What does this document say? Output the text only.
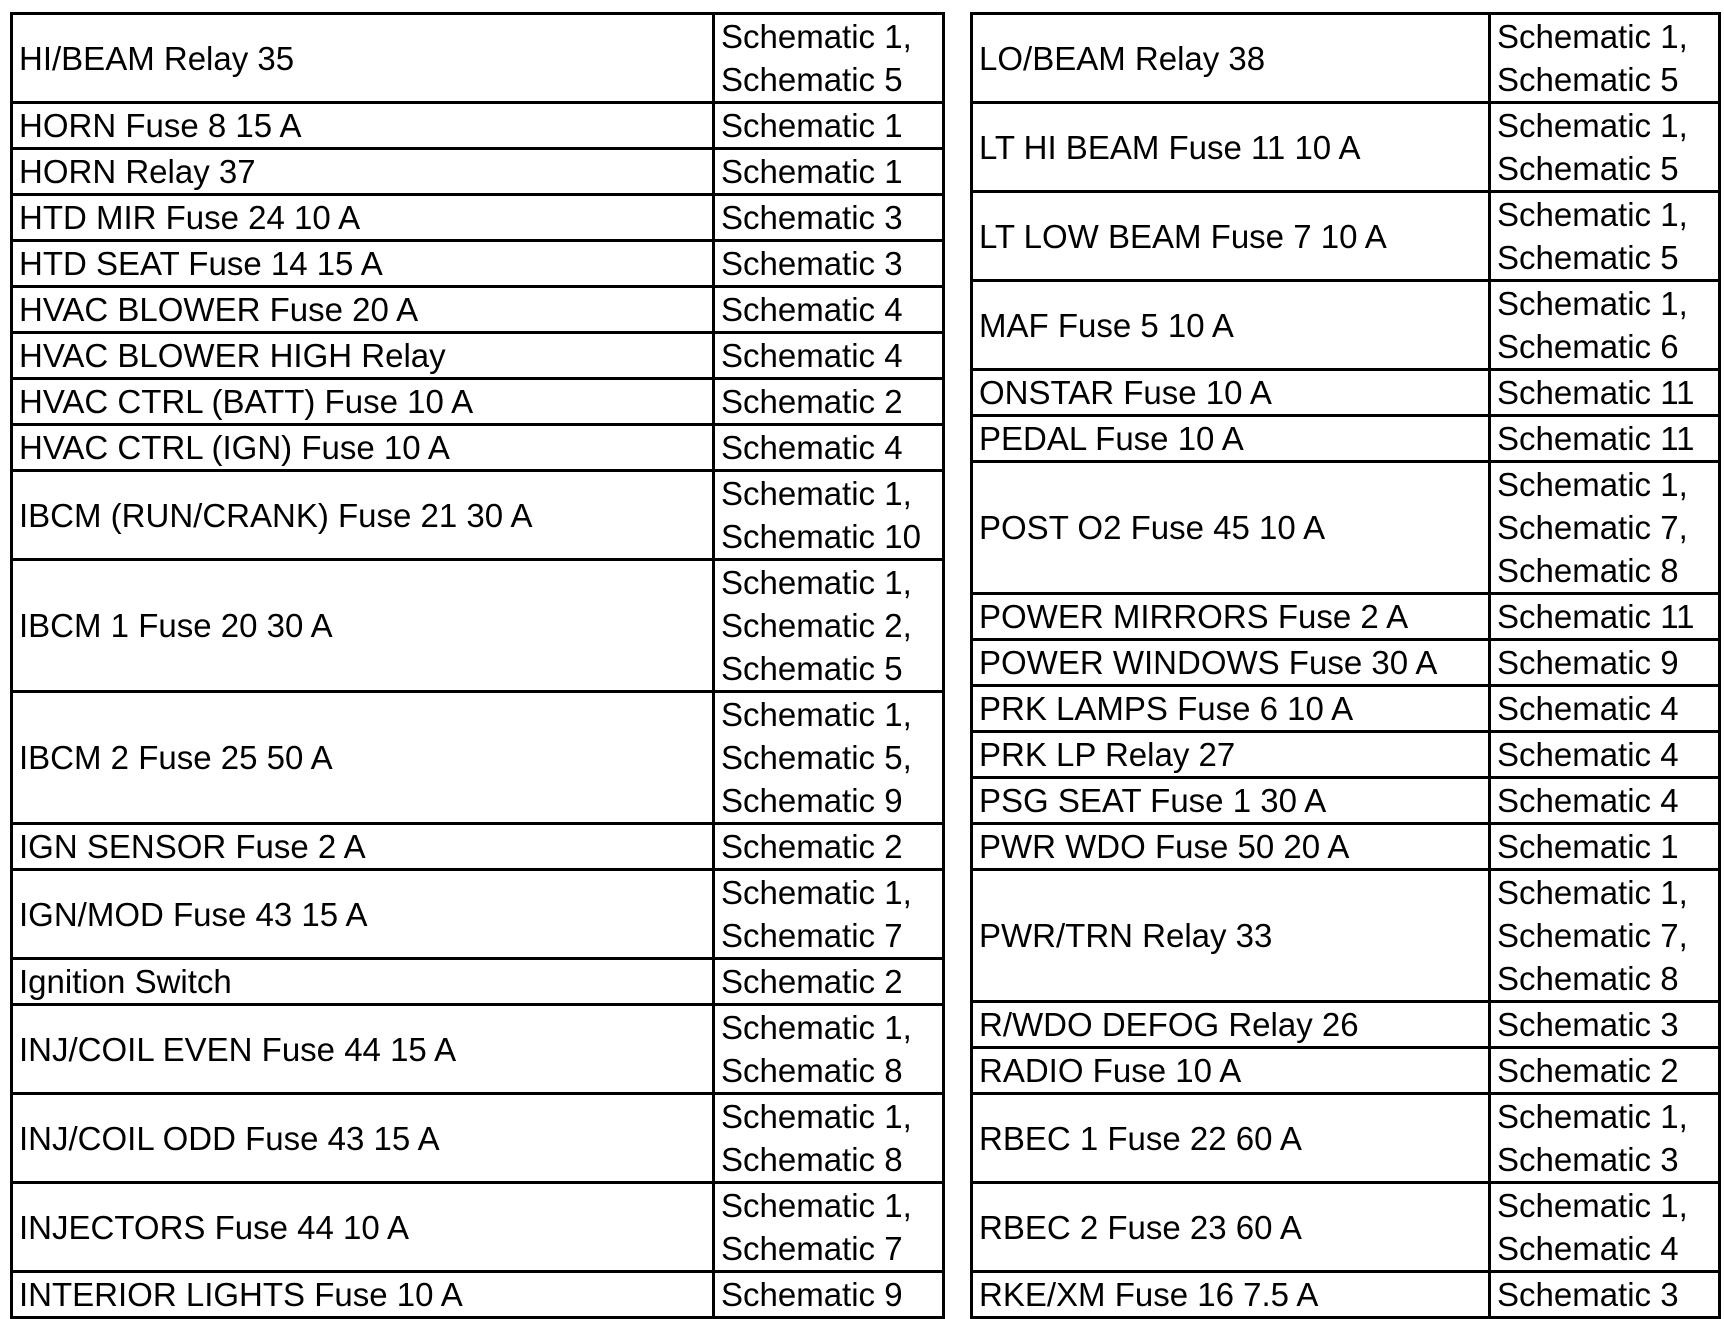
HI/BEAM Relay 35	Schematic 1,
Schematic 5

HORN Fuse 8 15 A	Schematic 1

HORN Relay 37	Schematic 1

HTD MIR Fuse 24 10 A	Schematic 3

HTD SEAT Fuse 14 15 A	Schematic 3

HVAC BLOWER Fuse 20 A	Schematic 4

HVAC BLOWER HIGH Relay	Schematic 4

HVAC CTRL (BATT) Fuse 10 A	Schematic 2

HVAC CTRL (IGN) Fuse 10 A	Schematic 4

IBCM (RUN/CRANK) Fuse 21 30 A	Schematic 1,
Schematic 10

IBCM 1 Fuse 20 30 A	Schematic 1,
Schematic 2,
Schematic 5

IBCM 2 Fuse 25 50 A	Schematic 1,
Schematic 5,
Schematic 9

IGN SENSOR Fuse 2 A	Schematic 2

IGN/MOD Fuse 43 15 A	Schematic 1,
Schematic 7

Ignition Switch	Schematic 2

INJ/COIL EVEN Fuse 44 15 A	Schematic 1,
Schematic 8

INJ/COIL ODD Fuse 43 15 A	Schematic 1,
Schematic 8

INJECTORS Fuse 44 10 A	Schematic 1,
Schematic 7

INTERIOR LIGHTS Fuse 10 A	Schematic 9
LO/BEAM Relay 38	Schematic 1,
Schematic 5

LT HI BEAM Fuse 11 10 A	Schematic 1,
Schematic 5

LT LOW BEAM Fuse 7 10 A	Schematic 1,
Schematic 5

MAF Fuse 5 10 A	Schematic 1,
Schematic 6

ONSTAR Fuse 10 A	Schematic 11

PEDAL Fuse 10 A	Schematic 11

POST O2 Fuse 45 10 A	Schematic 1,
Schematic 7,
Schematic 8

POWER MIRRORS Fuse 2 A	Schematic 11

POWER WINDOWS Fuse 30 A	Schematic 9

PRK LAMPS Fuse 6 10 A	Schematic 4

PRK LP Relay 27	Schematic 4

PSG SEAT Fuse 1 30 A	Schematic 4

PWR WDO Fuse 50 20 A	Schematic 1

PWR/TRN Relay 33	Schematic 1,
Schematic 7,
Schematic 8

R/WDO DEFOG Relay 26	Schematic 3

RADIO Fuse 10 A	Schematic 2

RBEC 1 Fuse 22 60 A	Schematic 1,
Schematic 3

RBEC 2 Fuse 23 60 A	Schematic 1,
Schematic 4

RKE/XM Fuse 16 7.5 A	Schematic 3
